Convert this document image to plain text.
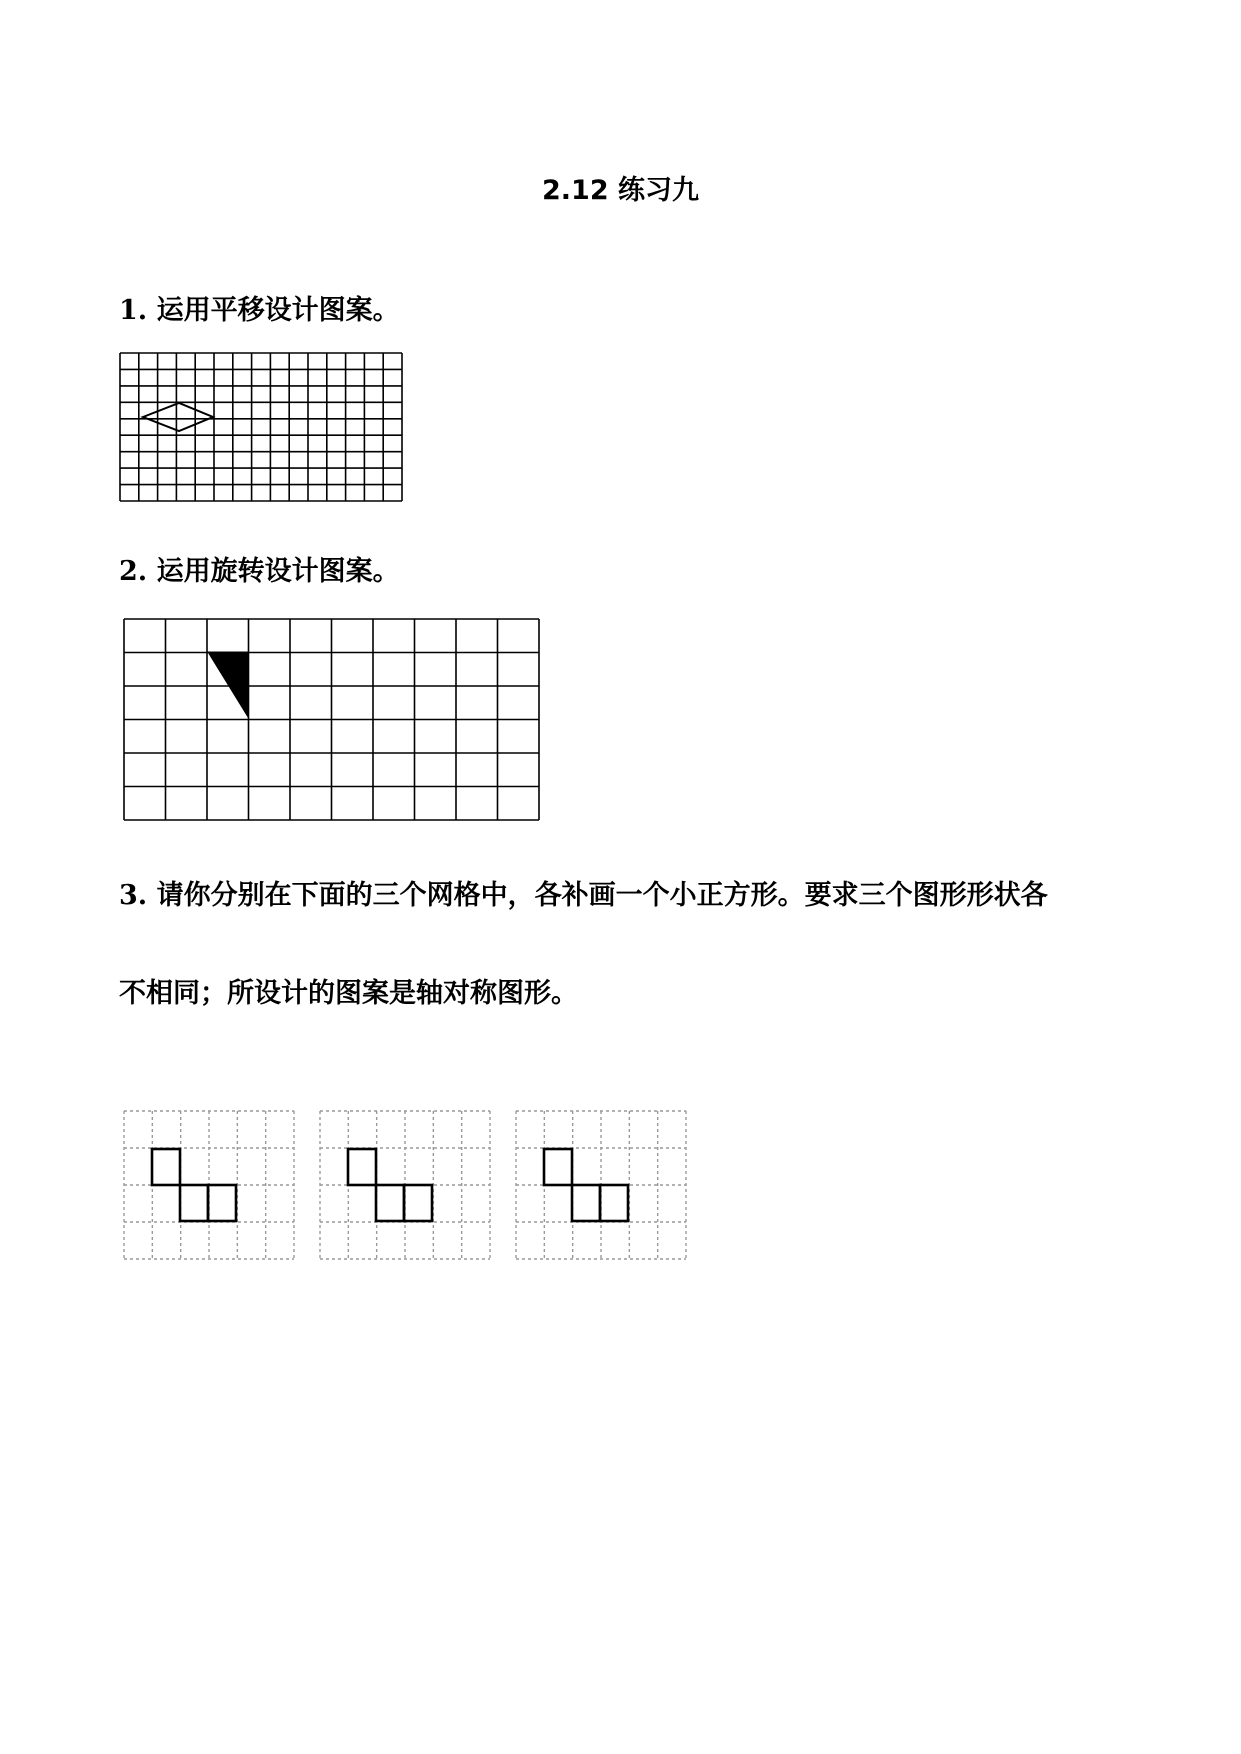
2.12 练习九
1. 运用平移设计图案。
2. 运用旋转设计图案。
3. 请你分别在下面的三个网格中，各补画一个小正方形。要求三个图形形状各
不相同；所设计的图案是轴对称图形。
